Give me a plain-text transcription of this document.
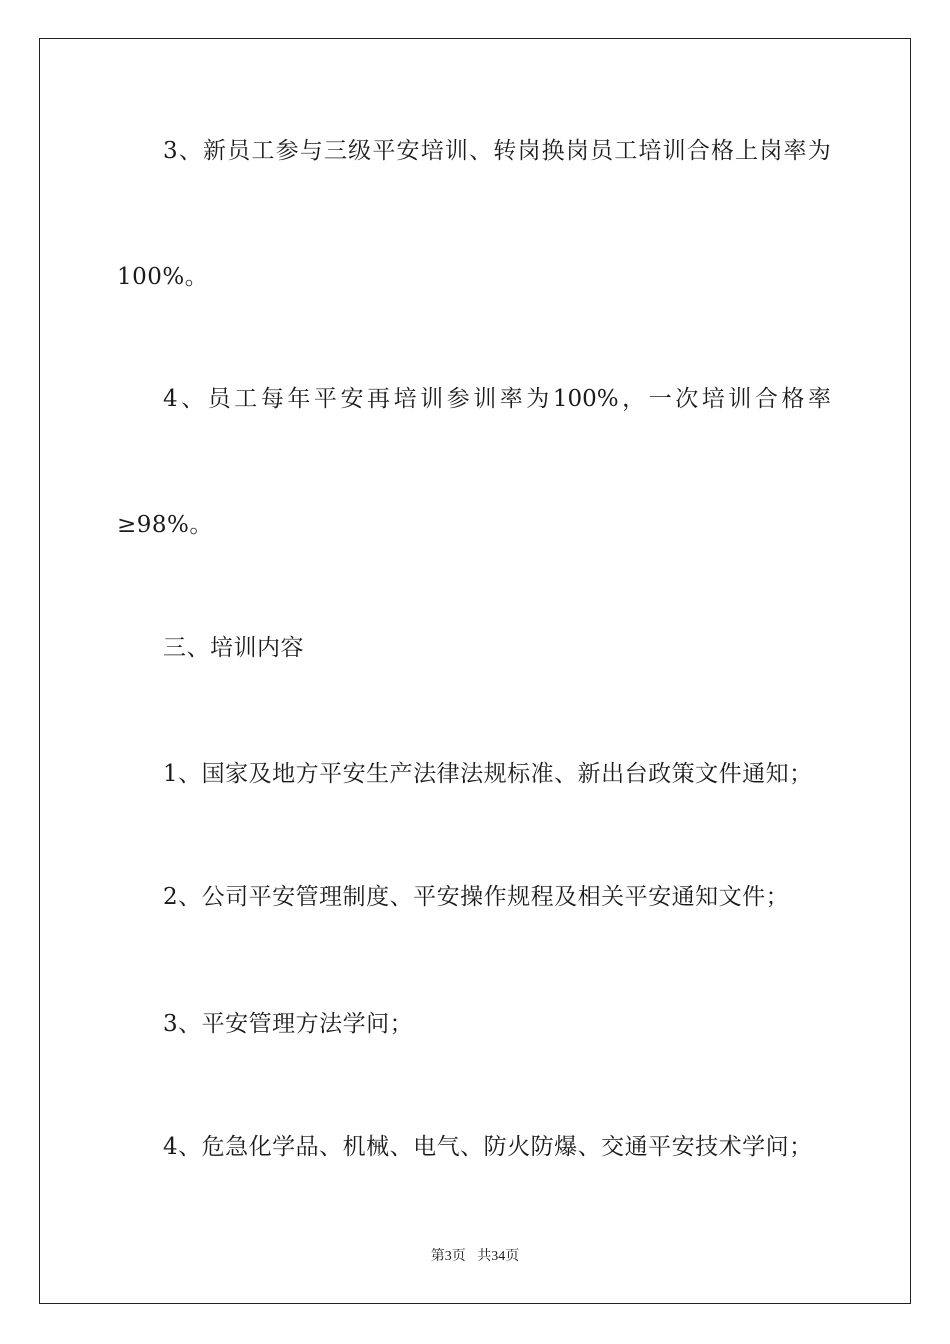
3 、 新 员 工 参 与 三 级 平 安 培 训 、 转 岗 换 岗 员 工 培 训 合 格 上 岗 率 为
100%。
4 、 员 工 每 年 平 安 再 培 训 参 训 率 为 100% ， 一 次 培 训 合 格 率
≥98%。
三、培训内容
1、国家及地方平安生产法律法规标准、新出台政策文件通知；
2、公司平安管理制度、平安操作规程及相关平安通知文件；
3、平安管理方法学问；
4、危急化学品、机械、电气、防火防爆、交通平安技术学问；
第3页 共34页
